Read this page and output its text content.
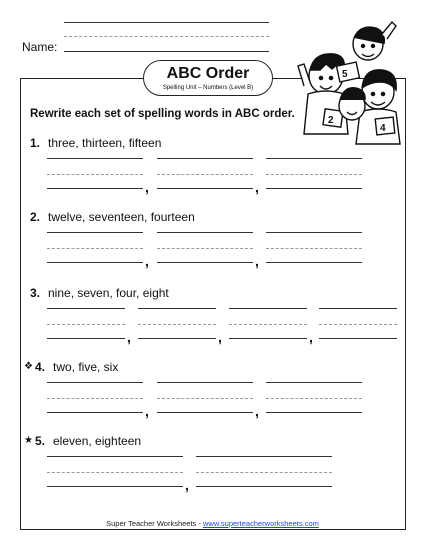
Name:
ABC Order
Spelling Unit – Numbers (Level B)
5
2
4
Rewrite each set of spelling words in ABC order.
1. three, thirteen, fifteen
,	,
2. twelve, seventeen, fourteen
,	,
3. nine, seven, four, eight
,	,	,
❖ 4. two, five, six
,	,
★ 5. eleven, eighteen
,
Super Teacher Worksheets - www.superteacherworksheets.com
